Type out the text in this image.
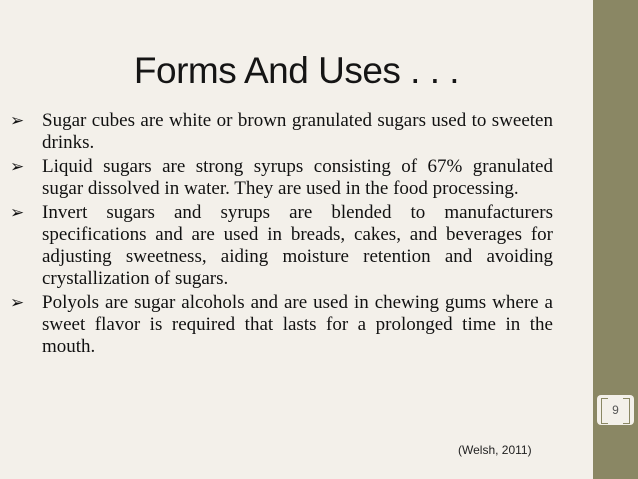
Forms And Uses . . .
➢ Sugar cubes are white or brown granulated sugars used to sweeten drinks.
➢ Liquid sugars are strong syrups consisting of 67% granulated sugar dissolved in water. They are used in the food processing.
➢ Invert sugars and syrups are blended to manufacturers specifications and are used in breads, cakes, and beverages for adjusting sweetness, aiding moisture retention and avoiding crystallization of sugars.
➢ Polyols are sugar alcohols and are used in chewing gums where a sweet flavor is required that lasts for a prolonged time in the mouth.
(Welsh, 2011)
9
